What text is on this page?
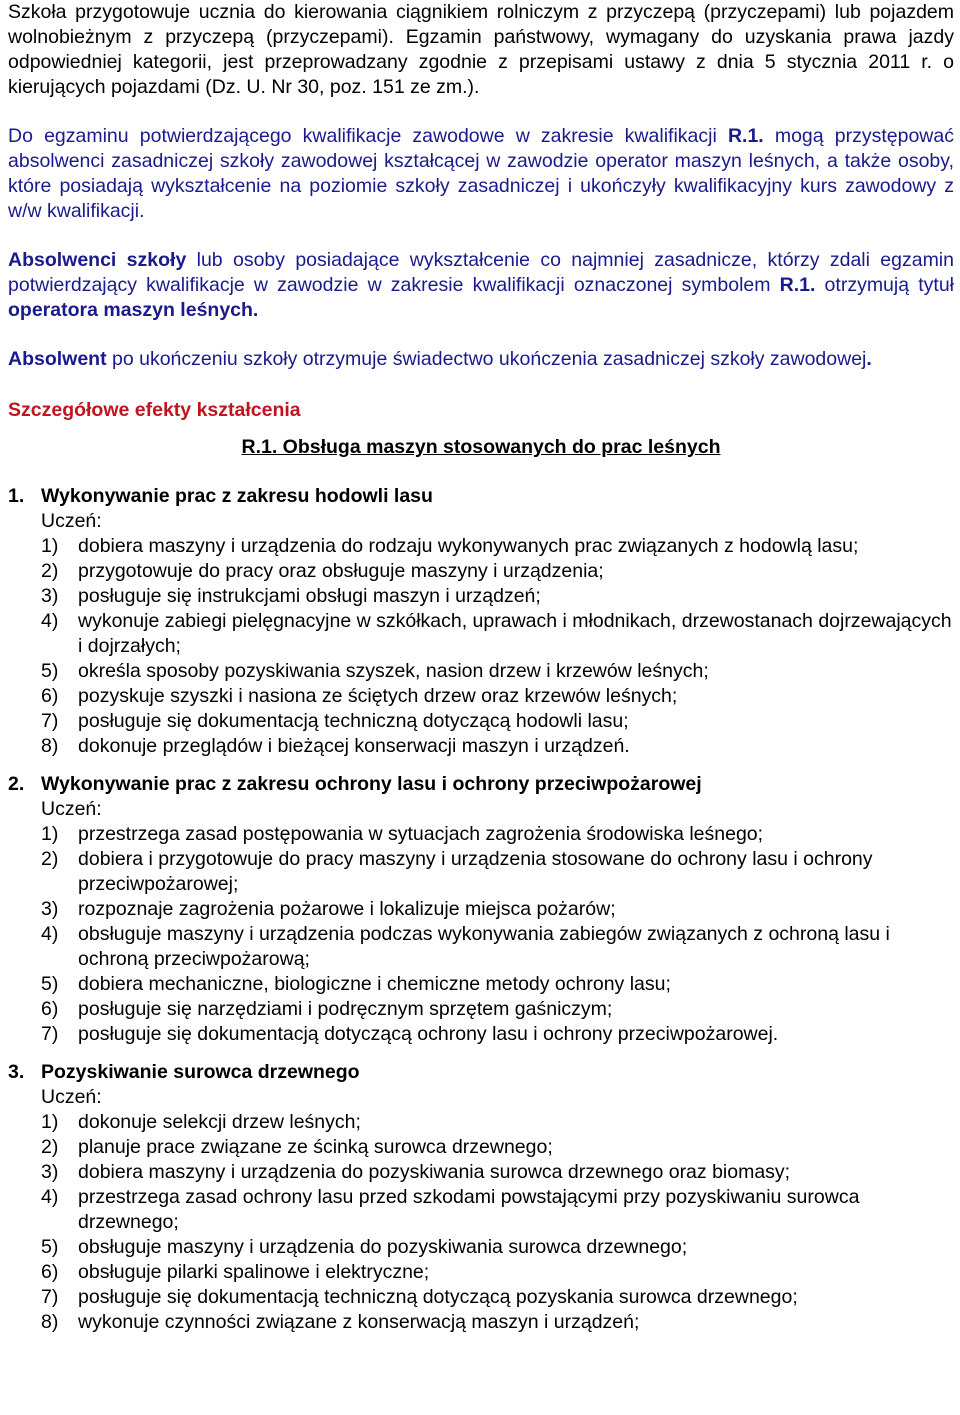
Szkoła przygotowuje ucznia do kierowania ciągnikiem rolniczym z przyczepą (przyczepami) lub pojazdem wolnobieżnym z przyczepą (przyczepami). Egzamin państwowy, wymagany do uzyskania prawa jazdy odpowiedniej kategorii, jest przeprowadzany zgodnie z przepisami ustawy z dnia 5 stycznia 2011 r. o kierujących pojazdami (Dz. U. Nr 30, poz. 151 ze zm.).

Do egzaminu potwierdzającego kwalifikacje zawodowe w zakresie kwalifikacji R.1. mogą przystępować absolwenci zasadniczej szkoły zawodowej kształcącej w zawodzie operator maszyn leśnych, a także osoby, które posiadają wykształcenie na poziomie szkoły zasadniczej i ukończyły kwalifikacyjny kurs zawodowy z w/w kwalifikacji.

Absolwenci szkoły lub osoby posiadające wykształcenie co najmniej zasadnicze, którzy zdali egzamin potwierdzający kwalifikacje w zawodzie w zakresie kwalifikacji oznaczonej symbolem R.1. otrzymują tytuł operatora maszyn leśnych.

Absolwent po ukończeniu szkoły otrzymuje świadectwo ukończenia zasadniczej szkoły zawodowej.

Szczegółowe efekty kształcenia

R.1. Obsługa maszyn stosowanych do prac leśnych

1. Wykonywanie prac z zakresu hodowli lasu

Uczeń:

1)	dobiera maszyny i urządzenia do rodzaju wykonywanych prac związanych z hodowlą lasu;
2)	przygotowuje do pracy oraz obsługuje maszyny i urządzenia;
3)	posługuje się instrukcjami obsługi maszyn i urządzeń;
4)	wykonuje zabiegi pielęgnacyjne w szkółkach, uprawach i młodnikach, drzewostanach dojrzewających i dojrzałych;
5)	określa sposoby pozyskiwania szyszek, nasion drzew i krzewów leśnych;
6)	pozyskuje szyszki i nasiona ze ściętych drzew oraz krzewów leśnych;
7)	posługuje się dokumentacją techniczną dotyczącą hodowli lasu;
8)	dokonuje przeglądów i bieżącej konserwacji maszyn i urządzeń.
2. Wykonywanie prac z zakresu ochrony lasu i ochrony przeciwpożarowej

Uczeń:

1)	przestrzega zasad postępowania w sytuacjach zagrożenia środowiska leśnego;
2)	dobiera i przygotowuje do pracy maszyny i urządzenia stosowane do ochrony lasu i ochrony przeciwpożarowej;
3)	rozpoznaje zagrożenia pożarowe i lokalizuje miejsca pożarów;
4)	obsługuje maszyny i urządzenia podczas wykonywania zabiegów związanych z ochroną lasu i ochroną przeciwpożarową;
5)	dobiera mechaniczne, biologiczne i chemiczne metody ochrony lasu;
6)	posługuje się narzędziami i podręcznym sprzętem gaśniczym;
7)	posługuje się dokumentacją dotyczącą ochrony lasu i ochrony przeciwpożarowej.
3. Pozyskiwanie surowca drzewnego

Uczeń:

1)	dokonuje selekcji drzew leśnych;
2)	planuje prace związane ze ścinką surowca drzewnego;
3)	dobiera maszyny i urządzenia do pozyskiwania surowca drzewnego oraz biomasy;
4)	przestrzega zasad ochrony lasu przed szkodami powstającymi przy pozyskiwaniu surowca drzewnego;
5)	obsługuje maszyny i urządzenia do pozyskiwania surowca drzewnego;
6)	obsługuje pilarki spalinowe i elektryczne;
7)	posługuje się dokumentacją techniczną dotyczącą pozyskania surowca drzewnego;
8)	wykonuje czynności związane z konserwacją maszyn i urządzeń;
